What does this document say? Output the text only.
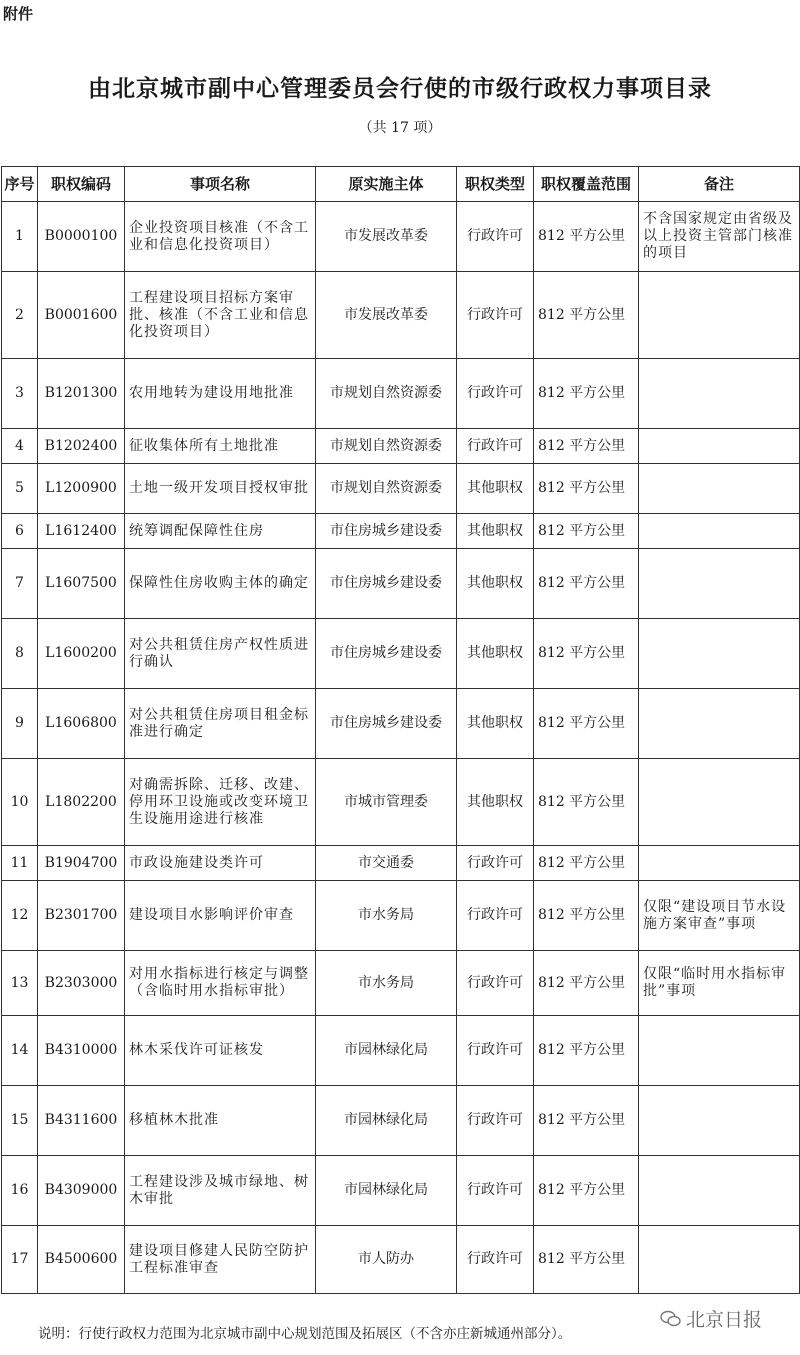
附件
由北京城市副中心管理委员会行使的市级行政权力事项目录
（共 17 项）
序号	职权编码	事项名称	原实施主体	职权类型	职权覆盖范围	备注
1	B0000100	企业投资项目核准（不含工业和信息化投资项目）	市发展改革委	行政许可	812 平方公里	不含国家规定由省级及以上投资主管部门核准的项目
2	B0001600	工程建设项目招标方案审批、核准（不含工业和信息化投资项目）	市发展改革委	行政许可	812 平方公里	
3	B1201300	农用地转为建设用地批准	市规划自然资源委	行政许可	812 平方公里	
4	B1202400	征收集体所有土地批准	市规划自然资源委	行政许可	812 平方公里	
5	L1200900	土地一级开发项目授权审批	市规划自然资源委	其他职权	812 平方公里	
6	L1612400	统筹调配保障性住房	市住房城乡建设委	其他职权	812 平方公里	
7	L1607500	保障性住房收购主体的确定	市住房城乡建设委	其他职权	812 平方公里	
8	L1600200	对公共租赁住房产权性质进行确认	市住房城乡建设委	其他职权	812 平方公里	
9	L1606800	对公共租赁住房项目租金标准进行确定	市住房城乡建设委	其他职权	812 平方公里	
10	L1802200	对确需拆除、迁移、改建、停用环卫设施或改变环境卫生设施用途进行核准	市城市管理委	其他职权	812 平方公里	
11	B1904700	市政设施建设类许可	市交通委	行政许可	812 平方公里	
12	B2301700	建设项目水影响评价审查	市水务局	行政许可	812 平方公里	仅限“建设项目节水设施方案审查”事项
13	B2303000	对用水指标进行核定与调整（含临时用水指标审批）	市水务局	行政许可	812 平方公里	仅限“临时用水指标审批”事项
14	B4310000	林木采伐许可证核发	市园林绿化局	行政许可	812 平方公里	
15	B4311600	移植林木批准	市园林绿化局	行政许可	812 平方公里	
16	B4309000	工程建设涉及城市绿地、树木审批	市园林绿化局	行政许可	812 平方公里	
17	B4500600	建设项目修建人民防空防护工程标准审查	市人防办	行政许可	812 平方公里	
说明：行使行政权力范围为北京城市副中心规划范围及拓展区（不含亦庄新城通州部分）。
北京日报
